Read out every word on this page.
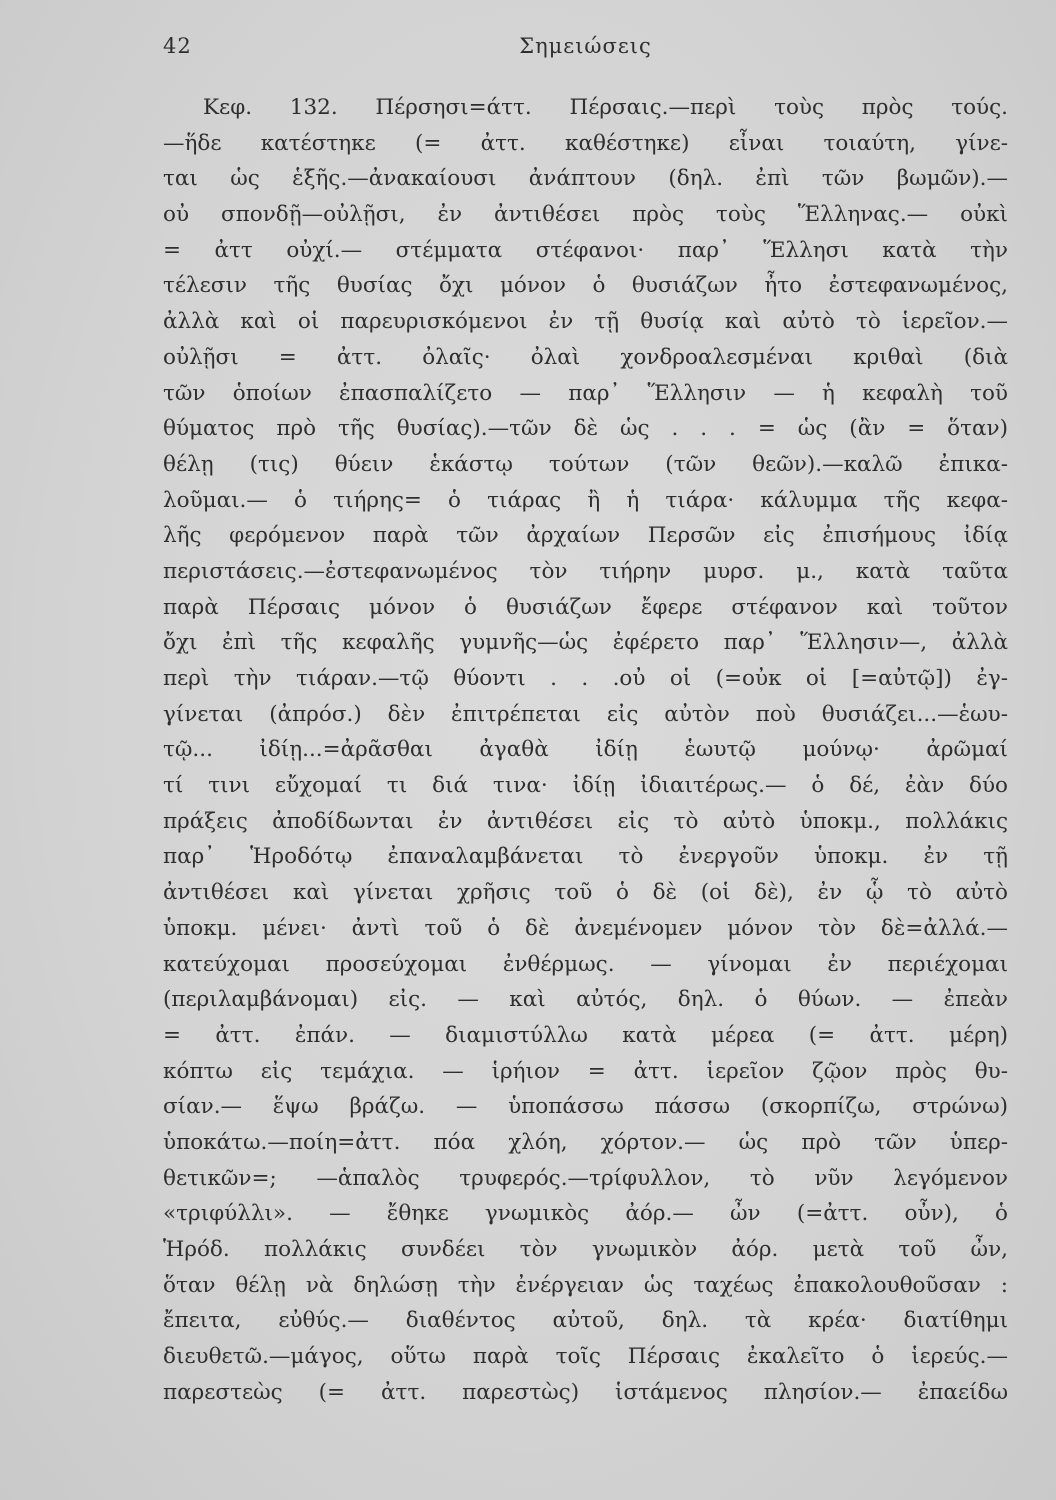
42	Σημειώσεις
Κεφ. 132. Πέρσησι=άττ. Πέρσαις.—περὶ τοὺς πρὸς τούς.
—ἥδε κατέστηκε (= ἀττ. καθέστηκε) εἶναι τοιαύτη, γίνε-
ται ὡς ἑξῆς.—ἀνακαίουσι ἀνάπτουν (δηλ. ἐπὶ τῶν βωμῶν).—
οὐ σπονδῇ—οὐλῇσι, ἐν ἀντιθέσει πρὸς τοὺς Ἕλληνας.— οὐκὶ
= ἀττ οὐχί.— στέμματα στέφανοι· παρ᾽ Ἕλλησι κατὰ τὴν
τέλεσιν τῆς θυσίας ὄχι μόνον ὁ θυσιάζων ἦτο ἐστεφανωμένος,
ἀλλὰ καὶ οἱ παρευρισκόμενοι ἐν τῇ θυσίᾳ καὶ αὐτὸ τὸ ἱερεῖον.—
οὐλῇσι = ἀττ. ὀλαῖς· ὀλαὶ χονδροαλεσμέναι κριθαὶ (διὰ
τῶν ὁποίων ἐπασπαλίζετο — παρ᾽ Ἕλλησιν — ἡ κεφαλὴ τοῦ
θύματος πρὸ τῆς θυσίας).—τῶν δὲ ὡς . . . = ὡς (ἂν = ὅταν)
θέλῃ (τις) θύειν ἑκάστῳ τούτων (τῶν θεῶν).—καλῶ ἐπικα-
λοῦμαι.— ὁ τιήρης= ὁ τιάρας ἢ ἡ τιάρα· κάλυμμα τῆς κεφα-
λῆς φερόμενον παρὰ τῶν ἀρχαίων Περσῶν εἰς ἐπισήμους ἰδίᾳ
περιστάσεις.—ἐστεφανωμένος τὸν τιήρην μυρσ. μ., κατὰ ταῦτα
παρὰ Πέρσαις μόνον ὁ θυσιάζων ἔφερε στέφανον καὶ τοῦτον
ὄχι ἐπὶ τῆς κεφαλῆς γυμνῆς—ὡς ἐφέρετο παρ᾽ Ἕλλησιν—, ἀλλὰ
περὶ τὴν τιάραν.—τῷ θύοντι . . .οὐ οἱ (=οὐκ οἱ [=αὐτῷ]) ἐγ-
γίνεται (ἀπρόσ.) δὲν ἐπιτρέπεται εἰς αὐτὸν ποὺ θυσιάζει...—ἑωυ-
τῷ... ἰδίῃ...=ἀρᾶσθαι ἀγαθὰ ἰδίῃ ἑωυτῷ μούνῳ· ἀρῶμαί
τί τινι εὔχομαί τι διά τινα· ἰδίῃ ἰδιαιτέρως.— ὁ δέ, ἐὰν δύο
πράξεις ἀποδίδωνται ἐν ἀντιθέσει εἰς τὸ αὐτὸ ὑποκμ., πολλάκις
παρ᾽ Ἡροδότῳ ἐπαναλαμβάνεται τὸ ἐνεργοῦν ὑποκμ. ἐν τῇ
ἀντιθέσει καὶ γίνεται χρῆσις τοῦ ὁ δὲ (οἱ δὲ), ἐν ᾧ τὸ αὐτὸ
ὑποκμ. μένει· ἀντὶ τοῦ ὁ δὲ ἀνεμένομεν μόνον τὸν δὲ=ἀλλά.—
κατεύχομαι προσεύχομαι ἐνθέρμως. — γίνομαι ἐν περιέχομαι
(περιλαμβάνομαι) εἰς. — καὶ αὐτός, δηλ. ὁ θύων. — ἐπεὰν
= ἀττ. ἐπάν. — διαμιστύλλω κατὰ μέρεα (= ἀττ. μέρη)
κόπτω εἰς τεμάχια. — ἱρήιον = ἀττ. ἱερεῖον ζῷον πρὸς θυ-
σίαν.— ἕψω βράζω. — ὑποπάσσω πάσσω (σκορπίζω, στρώνω)
ὑποκάτω.—ποίη=ἀττ. πόα χλόη, χόρτον.— ὡς πρὸ τῶν ὑπερ-
θετικῶν=; —ἁπαλὸς τρυφερός.—τρίφυλλον, τὸ νῦν λεγόμενον
«τριφύλλι». — ἔθηκε γνωμικὸς ἀόρ.— ὦν (=ἀττ. οὖν), ὁ
Ἡρόδ. πολλάκις συνδέει τὸν γνωμικὸν ἀόρ. μετὰ τοῦ ὦν,
ὅταν θέλῃ νὰ δηλώσῃ τὴν ἐνέργειαν ὡς ταχέως ἐπακολουθοῦσαν :
ἔπειτα, εὐθύς.— διαθέντος αὐτοῦ, δηλ. τὰ κρέα· διατίθημι
διευθετῶ.—μάγος, οὕτω παρὰ τοῖς Πέρσαις ἐκαλεῖτο ὁ ἱερεύς.—
παρεστεὼς (= ἀττ. παρεστὼς) ἱστάμενος πλησίον.— ἐπαείδω
